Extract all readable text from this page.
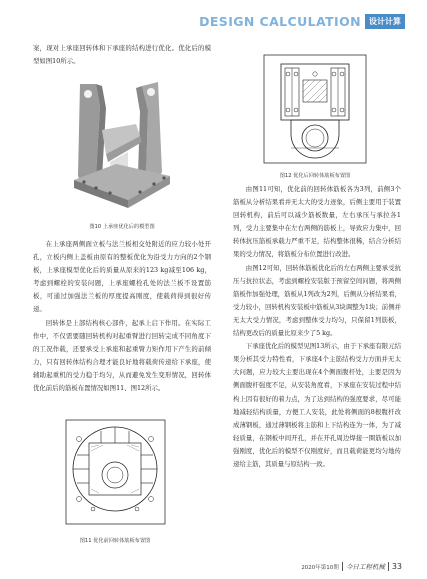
DESIGN CALCULATION	设计计算

案，现对上承座回转体和下承座的结构进行优化。优化后的模型如图10所示。

图10 上承座优化后的模型图

在上承座两侧面立板与法兰板相交处附近的应力较小处开孔，立板内侧上盖板由原有的整板优化为沿受力方向的2个钢板，上承座模型优化后的质量从原来的123 kg减至106 kg，考虑到螺栓的安装问题，上承座螺栓孔处的法兰板不设置筋板，可通过加强法兰板的厚度提高刚度，使载荷得到很好传递。

回转体是上部结构核心部件，起承上启下作用。在实际工作中，不仅需要随回转机构对起重臂进行回转完成不同角度下的工况作载，还要承受上承座和起重臂力矩作用下产生的前倾力，只有回转体结构合理才能良好地将载荷传递给下承座，使辅助起重机的受力稳于均匀，从而避免发生变形情况，回转体优化前后的筋板布置情况如图11、图12所示。

图11 优化前回转体筋板布置图
图12 优化后回转体筋板布置图

由图11可知，优化前的回转体筋板各为3列，前侧3个筋板从分析结果看并无太大的受力迹象，后侧主要用于装置回转机构，前后可以减少筋板数量，左右承压与承拉各1列，受力主要集中在左右两侧的筋板上，导致应力集中，回转体抗压筋板承载力严重不足，结构整体很稀，结合分析结果的受力情况，将筋板分布位置进行改进。

由图12可知，回转体筋板优化后的左右两侧主要承受抗压与抗拉状态，考虑到螺栓安装版于预留空间问题，将两侧筋板作加强处理，筋板从1列改为2列，后侧从分析结果看，受力较小，回转机构安装板中筋板从3块调整为1块；前侧并无太大受力情况，考虑到整体受力均匀，只保留1列筋板，结构更改后的质量比原来少了5 kg。

下承座优化后的模型见图13所示，由于下承座有限元结果分析其受力特性看，下承座4个主筋结构受力方面并无太大问题，应力较大主要出现在4个侧面腹杆处，主要是因为侧面腹杆强度不足，从安装角度看，下承座在安装过程中结构上因有很好的着力点，为了达到结构的强度要求，尽可能地减轻结构质量，方便工人安装，此处将侧面的8根腹杆改成薄钢板，通过薄钢板将主筋和上下结构连为一体，为了减轻质量，在钢板中间开孔，并在开孔周边焊接一圈筋板以加强刚度，优化后的模型不仅刚度好，而且载荷能更均匀地传递给主筋，其质量与原结构一致。

2020年第10期 今日工程机械 33
